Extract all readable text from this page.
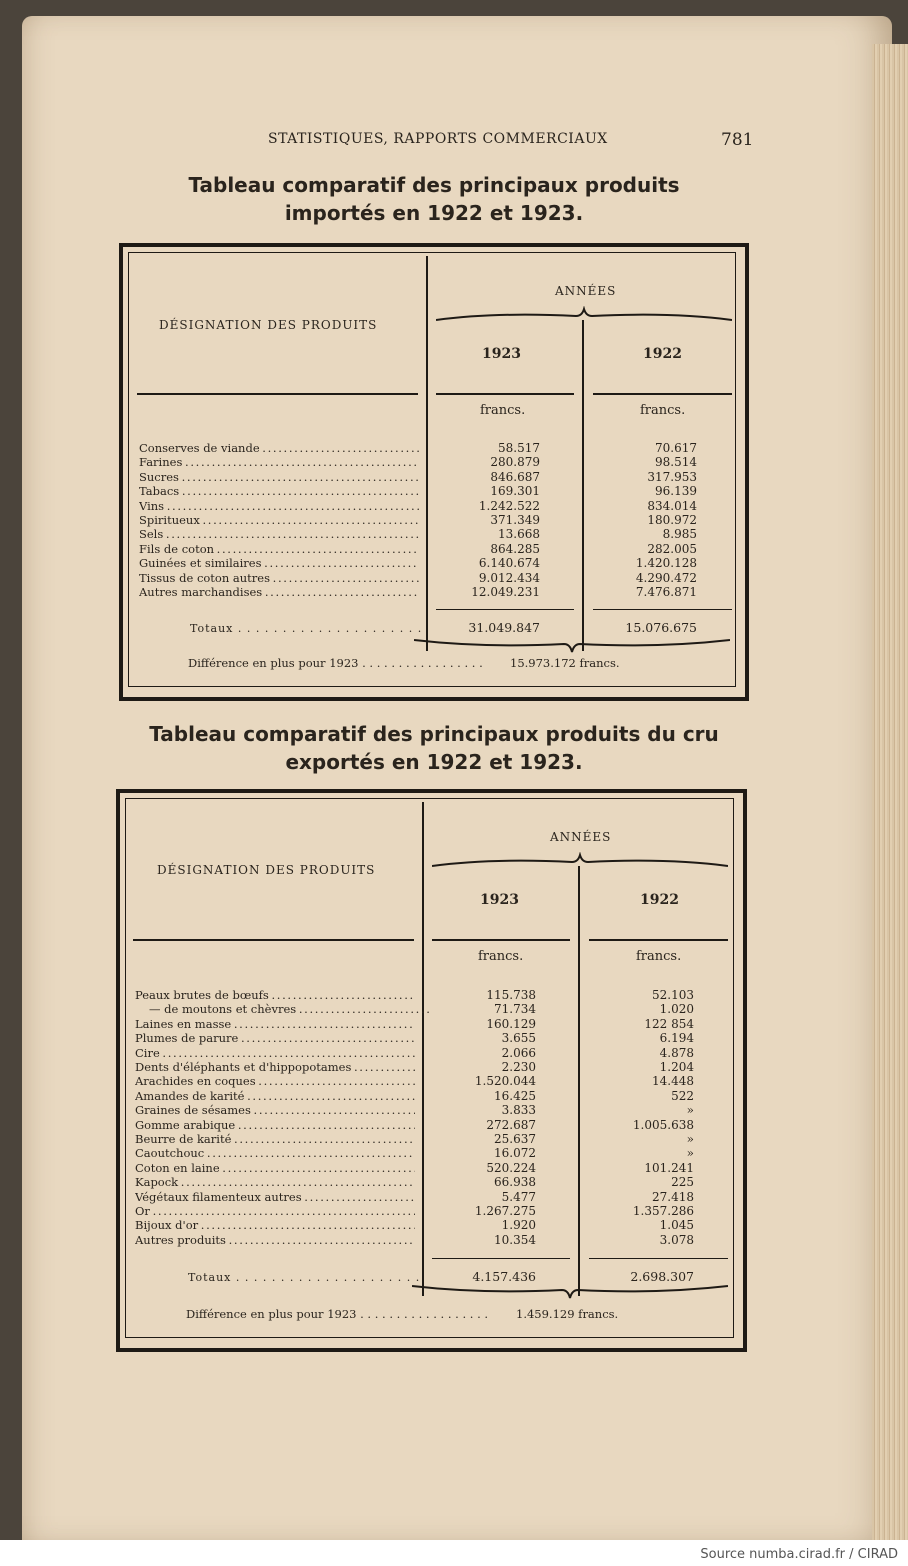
STATISTIQUES, RAPPORTS COMMERCIAUX	781
Tableau comparatif des principaux produits
importés en 1922 et 1923.
DÉSIGNATION DES PRODUITS
ANNÉES
1923	1922
francs.	francs.
Conserves de viande . . .	58.517	70.617
Farines . . .	280.879	98.514
Sucres . . .	846.687	317.953
Tabacs . . .	169.301	96.139
Vins . . .	1.242.522	834.014
Spiritueux . . .	371.349	180.972
Sels . . .	13.668	8.985
Fils de coton . . .	864.285	282.005
Guinées et similaires . . .	6.140.674	1.420.128
Tissus de coton autres . . .	9.012.434	4.290.472
Autres marchandises . . .	12.049.231	7.476.871
Totaux . . . . . . . . . . . . . . . . . . . . .	31.049.847	15.076.675
Différence en plus pour 1923 . . . . . . . . . . . . . . . . . 15.973.172 francs.
Tableau comparatif des principaux produits du cru
exportés en 1922 et 1923.
DÉSIGNATION DES PRODUITS
ANNÉES
1923	1922
francs.	francs.
Peaux brutes de bœufs . . .	115.738	52.103
— de moutons et chèvres . . .	71.734	1.020
Laines en masse . . .	160.129	122 854
Plumes de parure . . .	3.655	6.194
Cire . . .	2.066	4.878
Dents d'éléphants et d'hippopotames . . .	2.230	1.204
Arachides en coques . . .	1.520.044	14.448
Amandes de karité . . .	16.425	522
Graines de sésames . . .	3.833	»
Gomme arabique . . .	272.687	1.005.638
Beurre de karité . . .	25.637	»
Caoutchouc . . .	16.072	»
Coton en laine . . .	520.224	101.241
Kapock . . .	66.938	225
Végétaux filamenteux autres . . .	5.477	27.418
Or . . .	1.267.275	1.357.286
Bijoux d'or . . .	1.920	1.045
Autres produits . . .	10.354	3.078
Totaux . . . . . . . . . . . . . . . . . . . . .	4.157.436	2.698.307
Différence en plus pour 1923 . . . . . . . . . . . . . . . . . . 1.459.129 francs.
Source numba.cirad.fr / CIRAD
